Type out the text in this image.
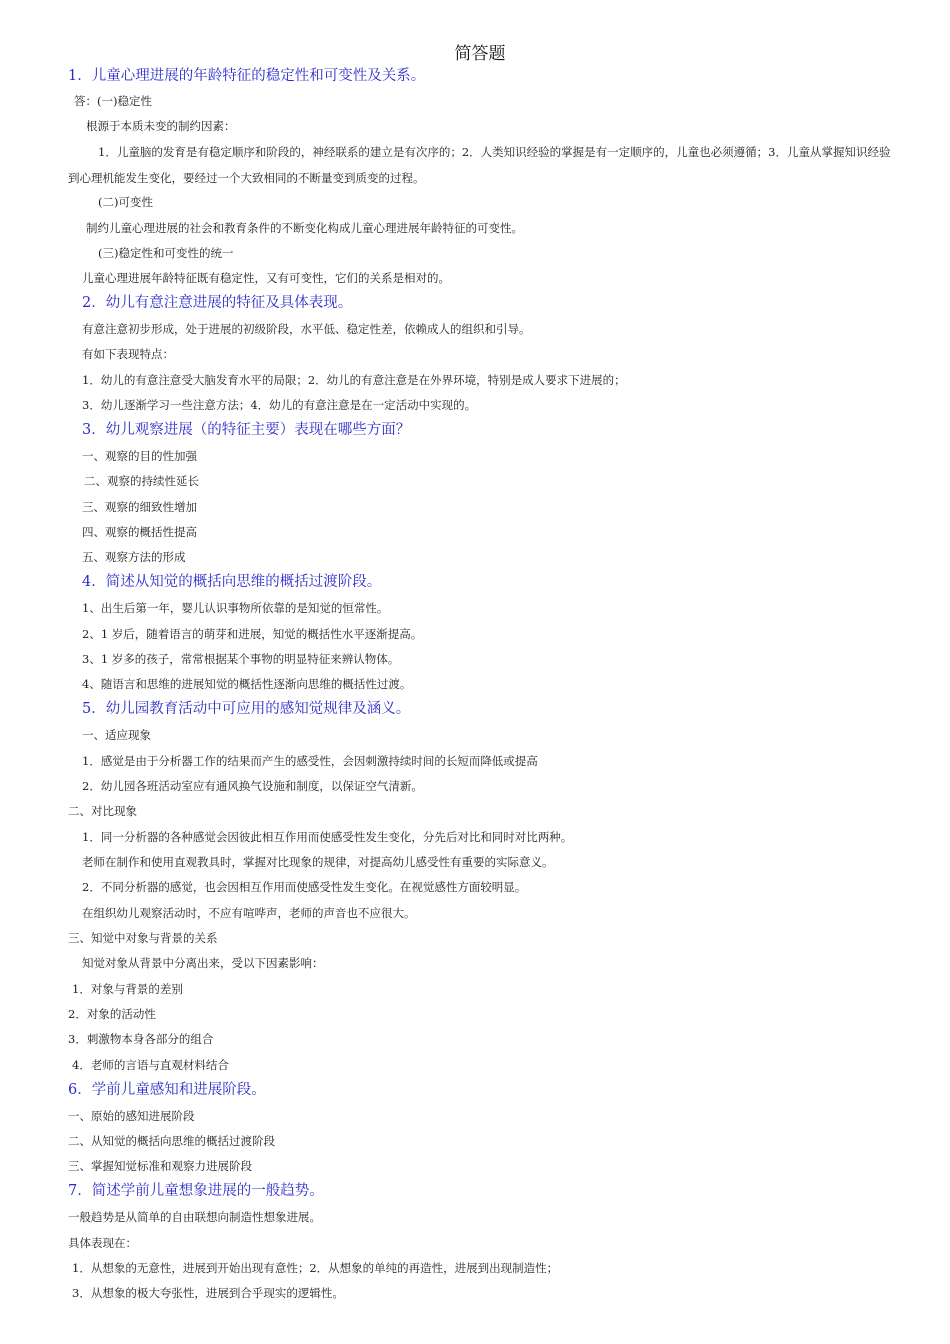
简答题
1．儿童心理进展的年龄特征的稳定性和可变性及关系。
答：(一)稳定性
根源于本质未变的制约因素：
1．儿童脑的发育是有稳定顺序和阶段的，神经联系的建立是有次序的；2．人类知识经验的掌握是有一定顺序的，儿童也必须遵循；3．儿童从掌握知识经验到心理机能发生变化，要经过一个大致相同的不断量变到质变的过程。
(二)可变性
制约儿童心理进展的社会和教育条件的不断变化构成儿童心理进展年龄特征的可变性。
(三)稳定性和可变性的统一
儿童心理进展年龄特征既有稳定性，又有可变性，它们的关系是相对的。
2．幼儿有意注意进展的特征及具体表现。
有意注意初步形成，处于进展的初级阶段，水平低、稳定性差，依赖成人的组织和引导。
有如下表现特点：
1．幼儿的有意注意受大脑发育水平的局限；2．幼儿的有意注意是在外界环境，特别是成人要求下进展的；
3．幼儿逐渐学习一些注意方法；4．幼儿的有意注意是在一定活动中实现的。
3．幼儿观察进展（的特征主要）表现在哪些方面？
一、观察的目的性加强
二、观察的持续性延长
三、观察的细致性增加
四、观察的概括性提高
五、观察方法的形成
4．简述从知觉的概括向思维的概括过渡阶段。
1、出生后第一年，婴儿认识事物所依靠的是知觉的恒常性。
2、1 岁后，随着语言的萌芽和进展，知觉的概括性水平逐渐提高。
3、1 岁多的孩子，常常根据某个事物的明显特征来辨认物体。
4、随语言和思维的进展知觉的概括性逐渐向思维的概括性过渡。
5．幼儿园教育活动中可应用的感知觉规律及涵义。
一、适应现象
1．感觉是由于分析器工作的结果而产生的感受性，会因刺激持续时间的长短而降低或提高
2．幼儿园各班活动室应有通风换气设施和制度，以保证空气清新。
二、对比现象
1．同一分析器的各种感觉会因彼此相互作用而使感受性发生变化，分先后对比和同时对比两种。
老师在制作和使用直观教具时，掌握对比现象的规律，对提高幼儿感受性有重要的实际意义。
2．不同分析器的感觉，也会因相互作用而使感受性发生变化。在视觉感性方面较明显。
在组织幼儿观察活动时，不应有喧哗声，老师的声音也不应很大。
三、知觉中对象与背景的关系
知觉对象从背景中分离出来，受以下因素影响：
1．对象与背景的差别
2．对象的活动性
3．刺激物本身各部分的组合
4．老师的言语与直观材料结合
6．学前儿童感知和进展阶段。
一、原始的感知进展阶段
二、从知觉的概括向思维的概括过渡阶段
三、掌握知觉标准和观察力进展阶段
7．简述学前儿童想象进展的一般趋势。
一般趋势是从简单的自由联想向制造性想象进展。
具体表现在：
1．从想象的无意性，进展到开始出现有意性；2．从想象的单纯的再造性，进展到出现制造性；
3．从想象的极大夸张性，进展到合乎现实的逻辑性。
